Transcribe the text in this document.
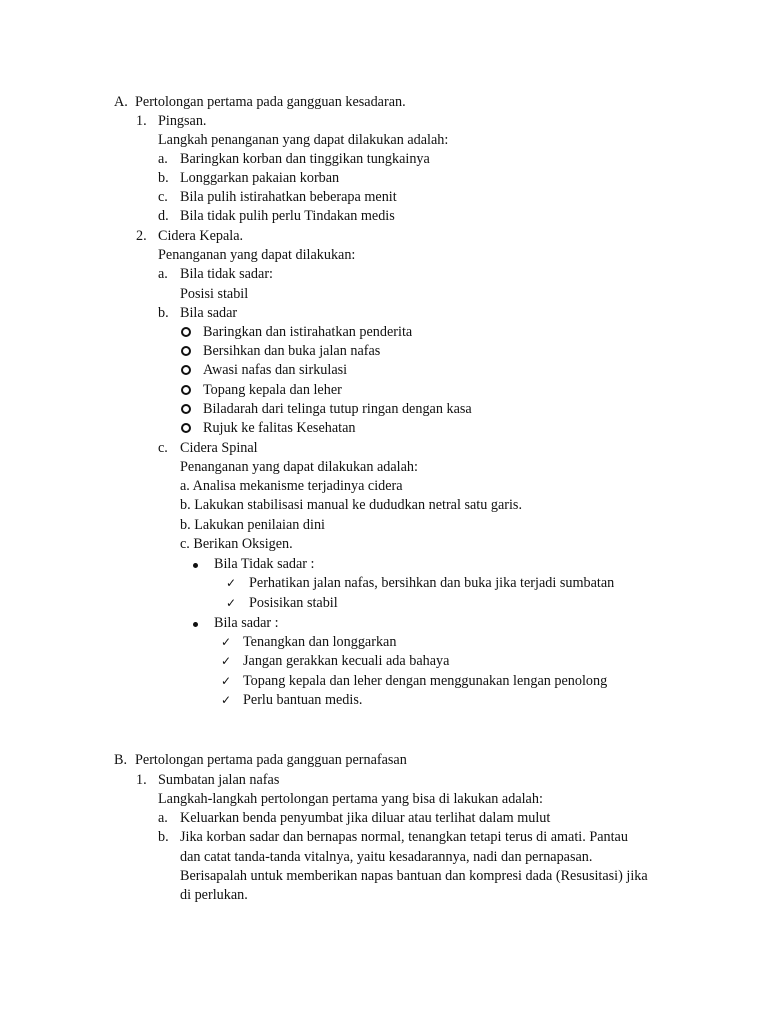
A. Pertolongan pertama pada gangguan kesadaran.
1. Pingsan.
Langkah penanganan yang dapat dilakukan adalah:
a. Baringkan korban dan tinggikan tungkainya
b. Longgarkan pakaian korban
c. Bila pulih istirahatkan beberapa menit
d. Bila tidak pulih perlu Tindakan medis
2. Cidera Kepala.
Penanganan yang dapat dilakukan:
a. Bila tidak sadar:
Posisi stabil
b. Bila sadar
Baringkan dan istirahatkan penderita
Bersihkan dan buka jalan nafas
Awasi nafas dan sirkulasi
Topang kepala dan leher
Biladarah dari telinga tutup ringan dengan kasa
Rujuk ke falitas Kesehatan
c. Cidera Spinal
Penanganan yang dapat dilakukan adalah:
a. Analisa mekanisme terjadinya cidera
b. Lakukan stabilisasi manual ke dududkan netral satu garis.
b. Lakukan penilaian dini
c. Berikan Oksigen.
Bila Tidak sadar :
✓ Perhatikan jalan nafas, bersihkan dan buka jika terjadi sumbatan
✓ Posisikan stabil
Bila sadar :
✓ Tenangkan dan longgarkan
✓ Jangan gerakkan kecuali ada bahaya
✓ Topang kepala dan leher dengan menggunakan lengan penolong
✓ Perlu bantuan medis.
B. Pertolongan pertama pada gangguan pernafasan
1. Sumbatan jalan nafas
Langkah-langkah pertolongan pertama yang bisa di lakukan adalah:
a. Keluarkan benda penyumbat jika diluar atau terlihat dalam mulut
b. Jika korban sadar dan bernapas normal, tenangkan tetapi terus di amati. Pantau
dan catat tanda-tanda vitalnya, yaitu kesadarannya, nadi dan pernapasan.
Berisapalah untuk memberikan napas bantuan dan kompresi dada (Resusitasi) jika
di perlukan.
